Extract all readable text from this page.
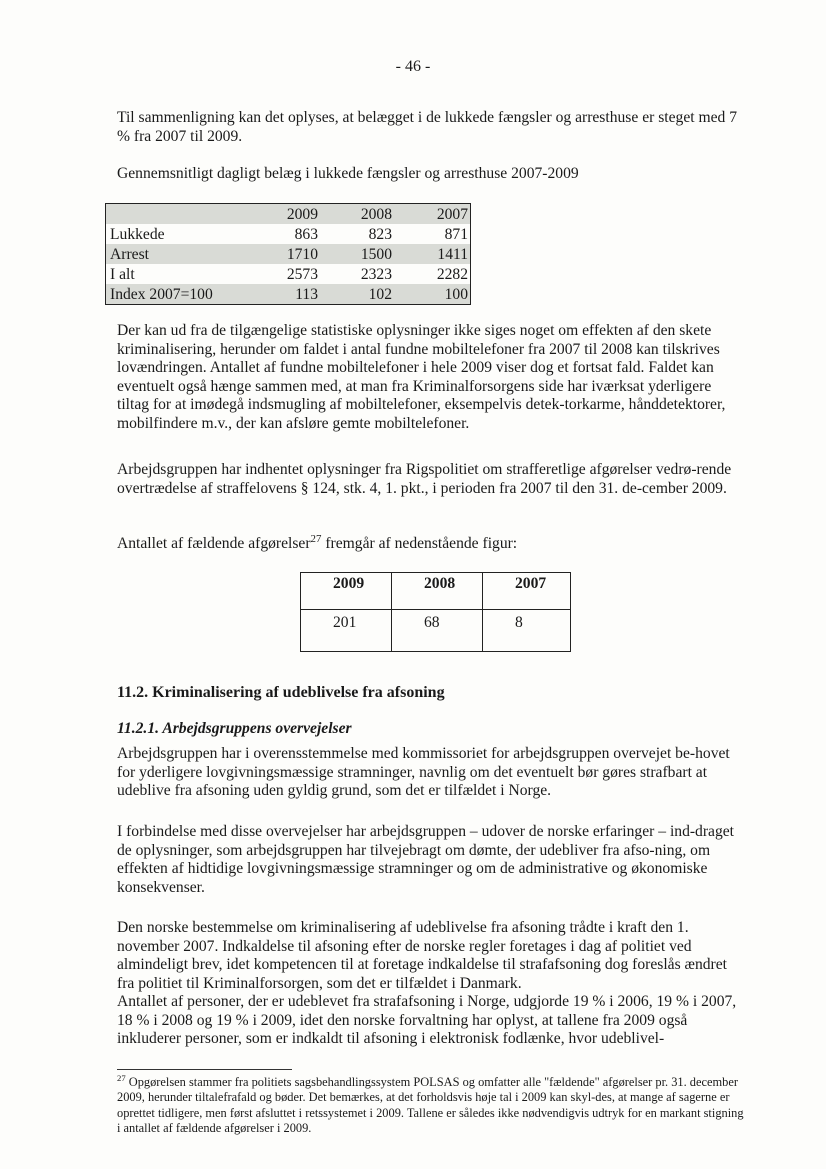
- 46 -

Til sammenligning kan det oplyses, at belægget i de lukkede fængsler og arresthuse er steget med 7 % fra 2007 til 2009.

Gennemsnitligt dagligt belæg i lukkede fængsler og arresthuse 2007-2009

	2009	2008	2007
Lukkede	863	823	871
Arrest	1710	1500	1411
I alt	2573	2323	2282
Index 2007=100	113	102	100

Der kan ud fra de tilgængelige statistiske oplysninger ikke siges noget om effekten af den skete kriminalisering, herunder om faldet i antal fundne mobiltelefoner fra 2007 til 2008 kan tilskrives lovændringen. Antallet af fundne mobiltelefoner i hele 2009 viser dog et fortsat fald. Faldet kan eventuelt også hænge sammen med, at man fra Kriminalforsorgens side har iværksat yderligere tiltag for at imødegå indsmugling af mobiltelefoner, eksempelvis detek-torkarme, hånddetektorer, mobilfindere m.v., der kan afsløre gemte mobiltelefoner.

Arbejdsgruppen har indhentet oplysninger fra Rigspolitiet om strafferetlige afgørelser vedrø-rende overtrædelse af straffelovens § 124, stk. 4, 1. pkt., i perioden fra 2007 til den 31. de-cember 2009.

Antallet af fældende afgørelser$^{27}$ fremgår af nedenstående figur:

2009	2008	2007
201	68	8
11.2. Kriminalisering af udeblivelse fra afsoning
11.2.1. Arbejdsgruppens overvejelser

Arbejdsgruppen har i overensstemmelse med kommissoriet for arbejdsgruppen overvejet be-hovet for yderligere lovgivningsmæssige stramninger, navnlig om det eventuelt bør gøres strafbart at udeblive fra afsoning uden gyldig grund, som det er tilfældet i Norge.

I forbindelse med disse overvejelser har arbejdsgruppen – udover de norske erfaringer – ind-draget de oplysninger, som arbejdsgruppen har tilvejebragt om dømte, der udebliver fra afso-ning, om effekten af hidtidige lovgivningsmæssige stramninger og om de administrative og økonomiske konsekvenser.

Den norske bestemmelse om kriminalisering af udeblivelse fra afsoning trådte i kraft den 1. november 2007. Indkaldelse til afsoning efter de norske regler foretages i dag af politiet ved almindeligt brev, idet kompetencen til at foretage indkaldelse til strafafsoning dog foreslås ændret fra politiet til Kriminalforsorgen, som det er tilfældet i Danmark.

Antallet af personer, der er udeblevet fra strafafsoning i Norge, udgjorde 19 % i 2006, 19 % i 2007, 18 % i 2008 og 19 % i 2009, idet den norske forvaltning har oplyst, at tallene fra 2009 også inkluderer personer, som er indkaldt til afsoning i elektronisk fodlænke, hvor udeblivel-

$^{27}$ Opgørelsen stammer fra politiets sagsbehandlingssystem POLSAS og omfatter alle "fældende" afgørelser pr. 31. december 2009, herunder tiltalefrafald og bøder. Det bemærkes, at det forholdsvis høje tal i 2009 kan skyl-des, at mange af sagerne er oprettet tidligere, men først afsluttet i retssystemet i 2009. Tallene er således ikke nødvendigvis udtryk for en markant stigning i antallet af fældende afgørelser i 2009.
